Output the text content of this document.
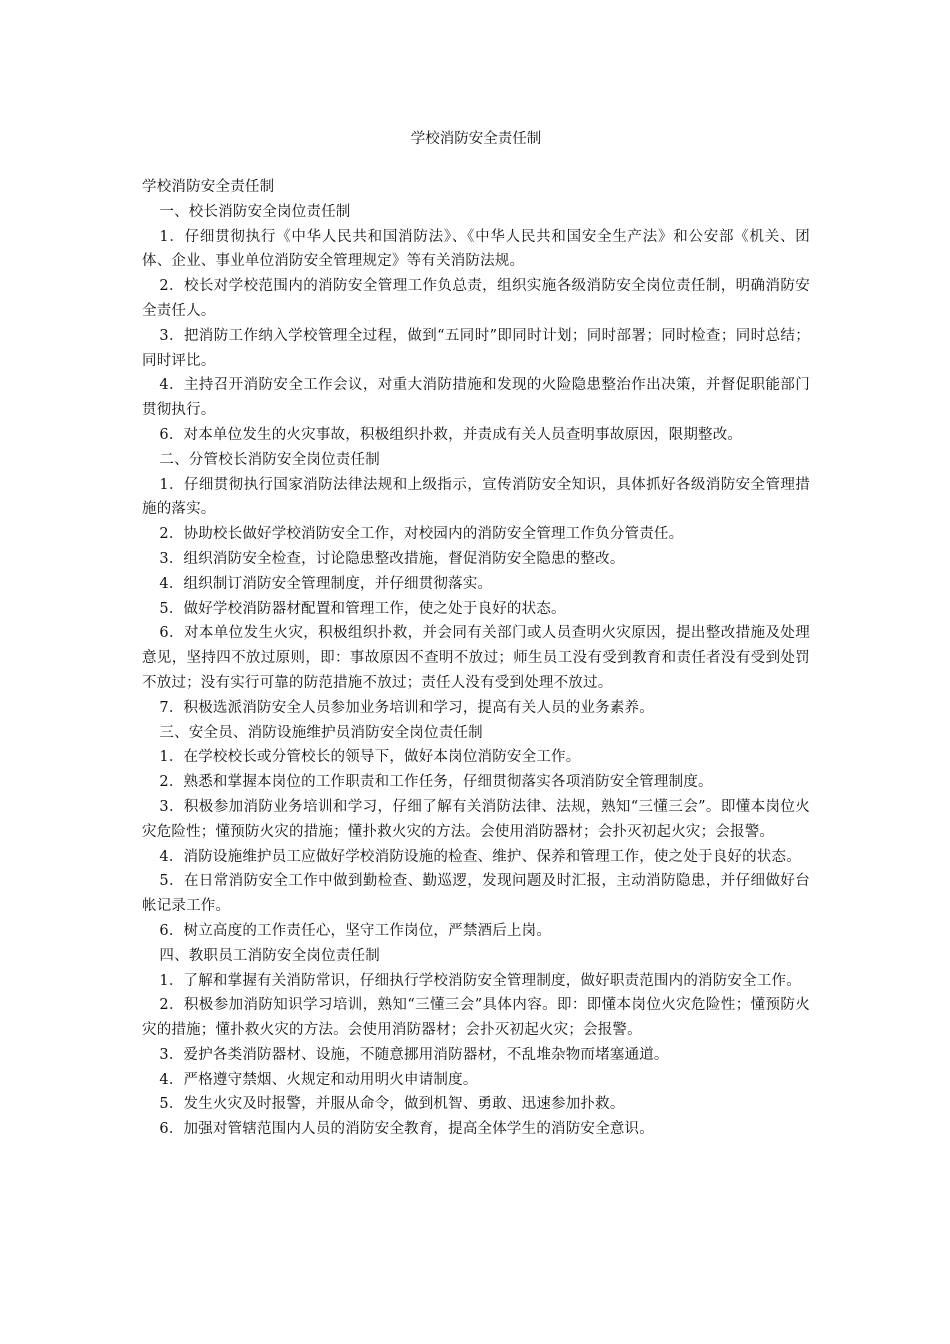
学校消防安全责任制

学校消防安全责任制

一、校长消防安全岗位责任制

1．仔细贯彻执行《中华人民共和国消防法》、《中华人民共和国安全生产法》和公安部《机关、团体、企业、事业单位消防安全管理规定》等有关消防法规。

2．校长对学校范围内的消防安全管理工作负总责，组织实施各级消防安全岗位责任制，明确消防安全责任人。

3．把消防工作纳入学校管理全过程，做到“五同时”即同时计划；同时部署；同时检查；同时总结；同时评比。

4．主持召开消防安全工作会议，对重大消防措施和发现的火险隐患整治作出决策，并督促职能部门贯彻执行。

6．对本单位发生的火灾事故，积极组织扑救，并责成有关人员查明事故原因，限期整改。

二、分管校长消防安全岗位责任制

1．仔细贯彻执行国家消防法律法规和上级指示，宣传消防安全知识，具体抓好各级消防安全管理措施的落实。

2．协助校长做好学校消防安全工作，对校园内的消防安全管理工作负分管责任。

3．组织消防安全检查，讨论隐患整改措施，督促消防安全隐患的整改。

4．组织制订消防安全管理制度，并仔细贯彻落实。

5．做好学校消防器材配置和管理工作，使之处于良好的状态。

6．对本单位发生火灾，积极组织扑救，并会同有关部门或人员查明火灾原因，提出整改措施及处理意见，坚持四不放过原则，即：事故原因不查明不放过；师生员工没有受到教育和责任者没有受到处罚不放过；没有实行可靠的防范措施不放过；责任人没有受到处理不放过。

7．积极选派消防安全人员参加业务培训和学习，提高有关人员的业务素养。

三、安全员、消防设施维护员消防安全岗位责任制

1．在学校校长或分管校长的领导下，做好本岗位消防安全工作。

2．熟悉和掌握本岗位的工作职责和工作任务，仔细贯彻落实各项消防安全管理制度。

3．积极参加消防业务培训和学习，仔细了解有关消防法律、法规，熟知“三懂三会”。即懂本岗位火灾危险性；懂预防火灾的措施；懂扑救火灾的方法。会使用消防器材；会扑灭初起火灾；会报警。

4．消防设施维护员工应做好学校消防设施的检查、维护、保养和管理工作，使之处于良好的状态。

5．在日常消防安全工作中做到勤检查、勤巡逻，发现问题及时汇报，主动消防隐患，并仔细做好台帐记录工作。

6．树立高度的工作责任心，坚守工作岗位，严禁酒后上岗。

四、教职员工消防安全岗位责任制

1．了解和掌握有关消防常识，仔细执行学校消防安全管理制度，做好职责范围内的消防安全工作。

2．积极参加消防知识学习培训，熟知“三懂三会”具体内容。即：即懂本岗位火灾危险性；懂预防火灾的措施；懂扑救火灾的方法。会使用消防器材；会扑灭初起火灾；会报警。

3．爱护各类消防器材、设施，不随意挪用消防器材，不乱堆杂物而堵塞通道。

4．严格遵守禁烟、火规定和动用明火申请制度。

5．发生火灾及时报警，并服从命令，做到机智、勇敢、迅速参加扑救。

6．加强对管辖范围内人员的消防安全教育，提高全体学生的消防安全意识。
